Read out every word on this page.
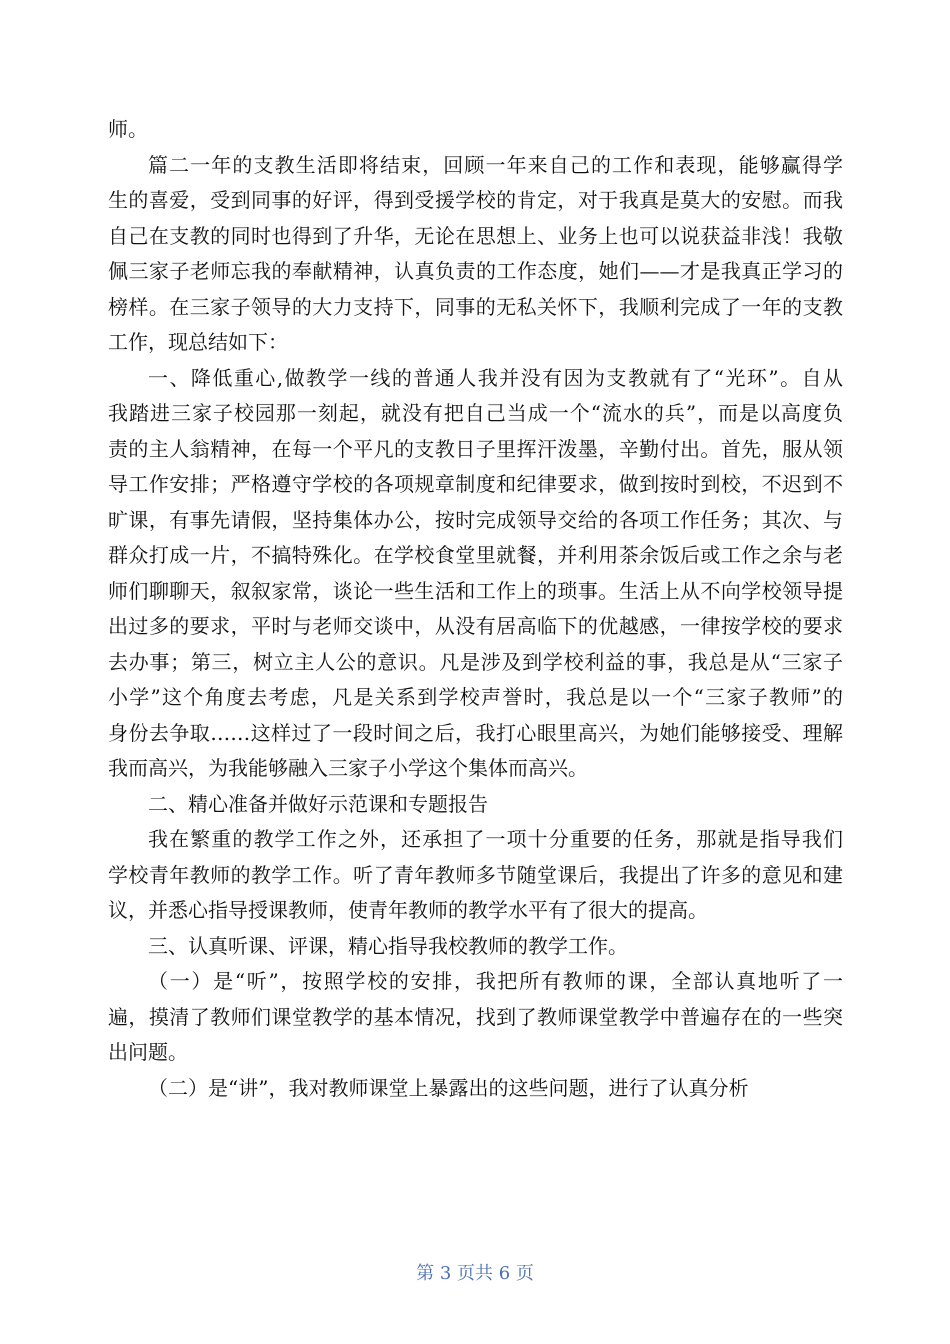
师。
篇二一年的支教生活即将结束，回顾一年来自己的工作和表现，能够赢得学
生的喜爱，受到同事的好评，得到受援学校的肯定，对于我真是莫大的安慰。而我
自己在支教的同时也得到了升华，无论在思想上、业务上也可以说获益非浅！我敬
佩三家子老师忘我的奉献精神，认真负责的工作态度，她们——才是我真正学习的
榜样。在三家子领导的大力支持下，同事的无私关怀下，我顺利完成了一年的支教
工作，现总结如下：
一、降低重心,做教学一线的普通人我并没有因为支教就有了“光环”。自从
我踏进三家子校园那一刻起，就没有把自己当成一个“流水的兵”，而是以高度负
责的主人翁精神，在每一个平凡的支教日子里挥汗泼墨，辛勤付出。首先，服从领
导工作安排；严格遵守学校的各项规章制度和纪律要求，做到按时到校，不迟到不
旷课，有事先请假，坚持集体办公，按时完成领导交给的各项工作任务；其次、与
群众打成一片，不搞特殊化。在学校食堂里就餐，并利用茶余饭后或工作之余与老
师们聊聊天，叙叙家常，谈论一些生活和工作上的琐事。生活上从不向学校领导提
出过多的要求，平时与老师交谈中，从没有居高临下的优越感，一律按学校的要求
去办事；第三，树立主人公的意识。凡是涉及到学校利益的事，我总是从“三家子
小学”这个角度去考虑，凡是关系到学校声誉时，我总是以一个“三家子教师”的
身份去争取……这样过了一段时间之后，我打心眼里高兴，为她们能够接受、理解
我而高兴，为我能够融入三家子小学这个集体而高兴。
二、精心准备并做好示范课和专题报告
我在繁重的教学工作之外，还承担了一项十分重要的任务，那就是指导我们
学校青年教师的教学工作。听了青年教师多节随堂课后，我提出了许多的意见和建
议，并悉心指导授课教师，使青年教师的教学水平有了很大的提高。
三、认真听课、评课，精心指导我校教师的教学工作。
（一）是“听”，按照学校的安排，我把所有教师的课，全部认真地听了一
遍，摸清了教师们课堂教学的基本情况，找到了教师课堂教学中普遍存在的一些突
出问题。
（二）是“讲”，我对教师课堂上暴露出的这些问题，进行了认真分析
第 3 页共 6 页
